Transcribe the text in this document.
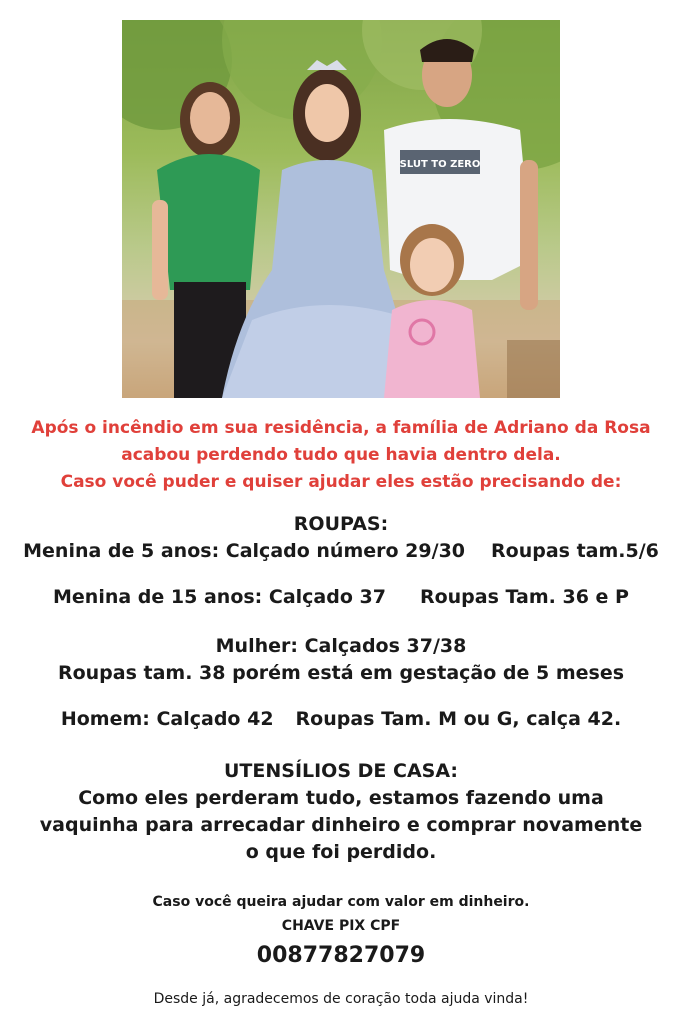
SLUT TO ZERO
Após o incêndio em sua residência, a família de Adriano da Rosa
acabou perdendo tudo que havia dentro dela.
Caso você puder e quiser ajudar eles estão precisando de:
ROUPAS:
Menina de 5 anos: Calçado número 29/30 Roupas tam.5/6
Menina de 15 anos: Calçado 37 Roupas Tam. 36 e P
Mulher: Calçados 37/38
Roupas tam. 38 porém está em gestação de 5 meses
Homem: Calçado 42 Roupas Tam. M ou G, calça 42.
UTENSÍLIOS DE CASA:
Como eles perderam tudo, estamos fazendo uma
vaquinha para arrecadar dinheiro e comprar novamente
o que foi perdido.
Caso você queira ajudar com valor em dinheiro.
CHAVE PIX CPF
00877827079
Desde já, agradecemos de coração toda ajuda vinda!
